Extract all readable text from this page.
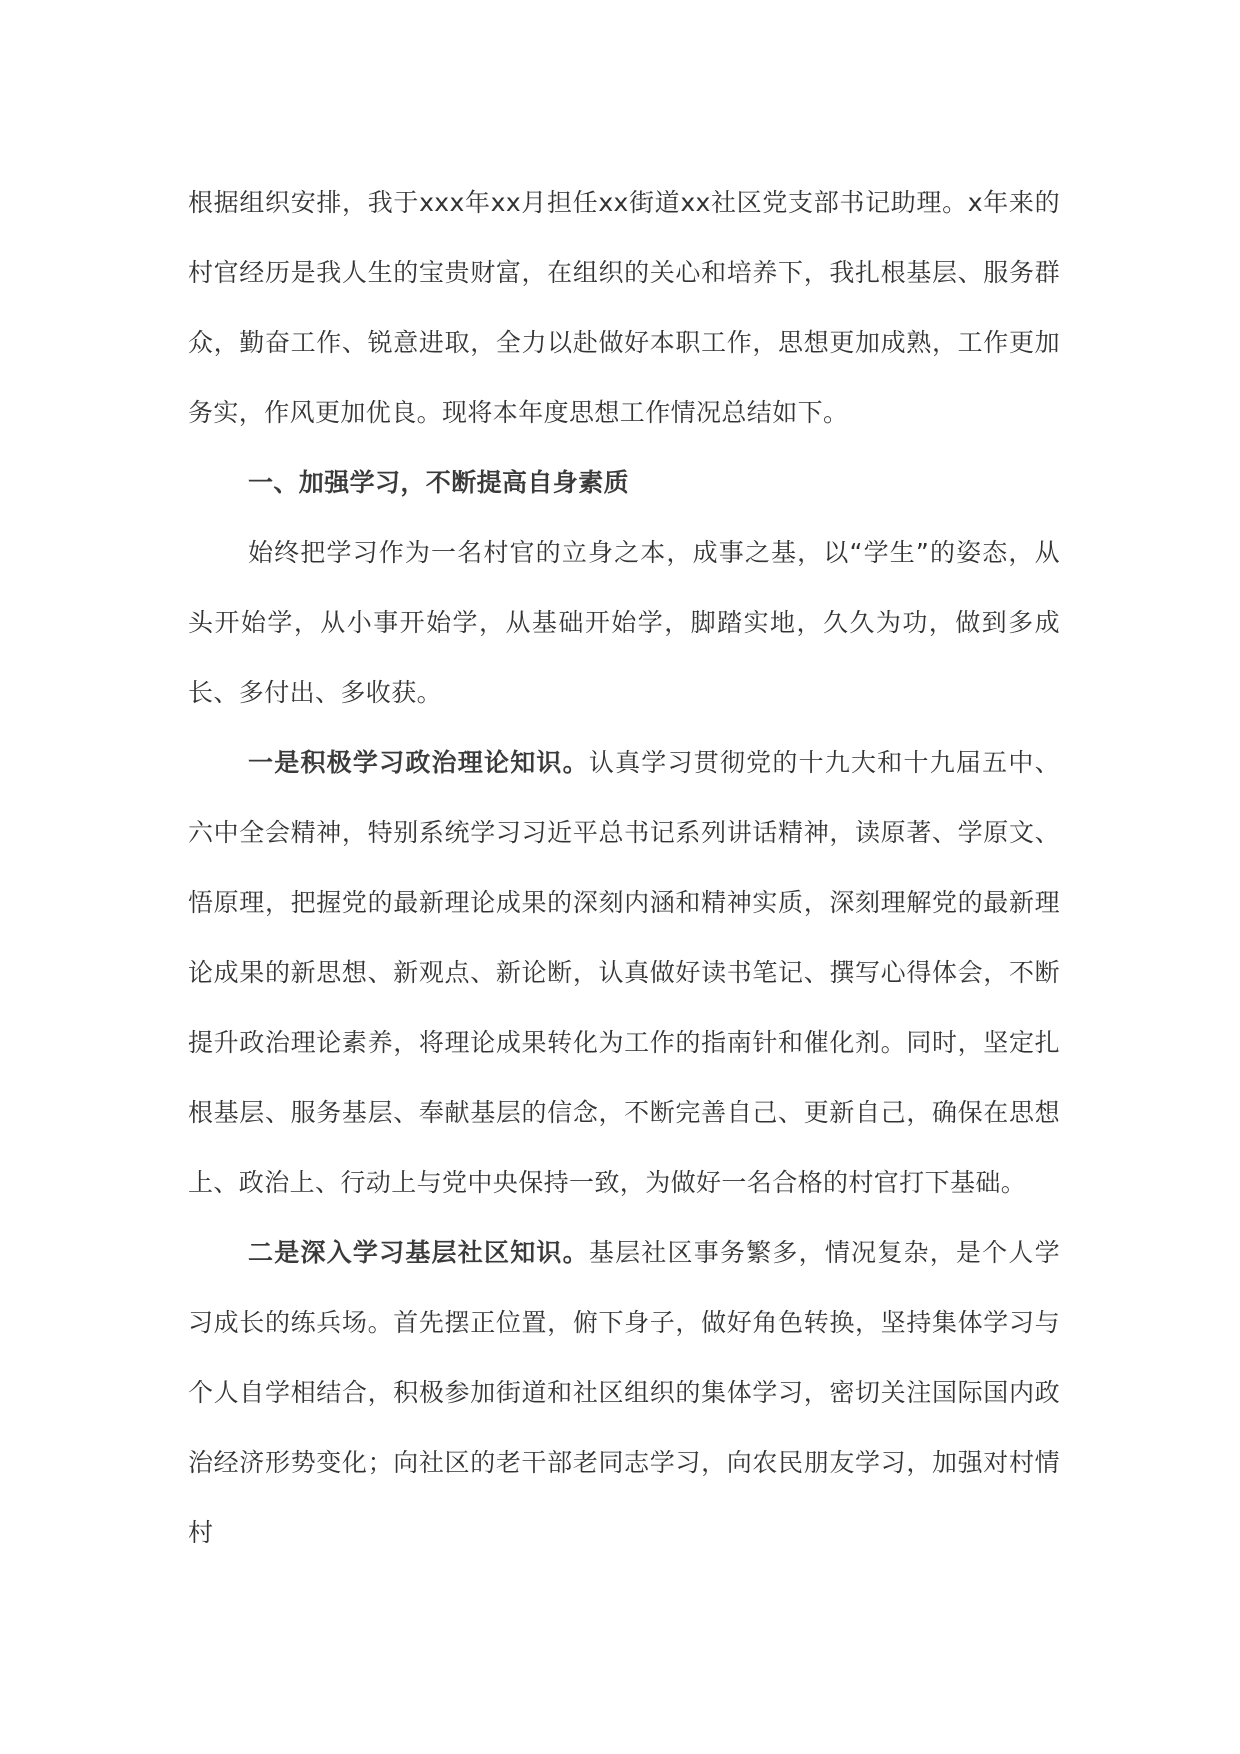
根据组织安排，我于xxx年xx月担任xx街道xx社区党支部书记助理。x年来的村官经历是我人生的宝贵财富，在组织的关心和培养下，我扎根基层、服务群众，勤奋工作、锐意进取，全力以赴做好本职工作，思想更加成熟，工作更加务实，作风更加优良。现将本年度思想工作情况总结如下。

一、加强学习，不断提高自身素质

始终把学习作为一名村官的立身之本，成事之基，以“学生”的姿态，从头开始学，从小事开始学，从基础开始学，脚踏实地，久久为功，做到多成长、多付出、多收获。

一是积极学习政治理论知识。认真学习贯彻党的十九大和十九届五中、六中全会精神，特别系统学习习近平总书记系列讲话精神，读原著、学原文、悟原理，把握党的最新理论成果的深刻内涵和精神实质，深刻理解党的最新理论成果的新思想、新观点、新论断，认真做好读书笔记、撰写心得体会，不断提升政治理论素养，将理论成果转化为工作的指南针和催化剂。同时，坚定扎根基层、服务基层、奉献基层的信念，不断完善自己、更新自己，确保在思想上、政治上、行动上与党中央保持一致，为做好一名合格的村官打下基础。

二是深入学习基层社区知识。基层社区事务繁多，情况复杂，是个人学习成长的练兵场。首先摆正位置，俯下身子，做好角色转换，坚持集体学习与个人自学相结合，积极参加街道和社区组织的集体学习，密切关注国际国内政治经济形势变化；向社区的老干部老同志学习，向农民朋友学习，加强对村情村
